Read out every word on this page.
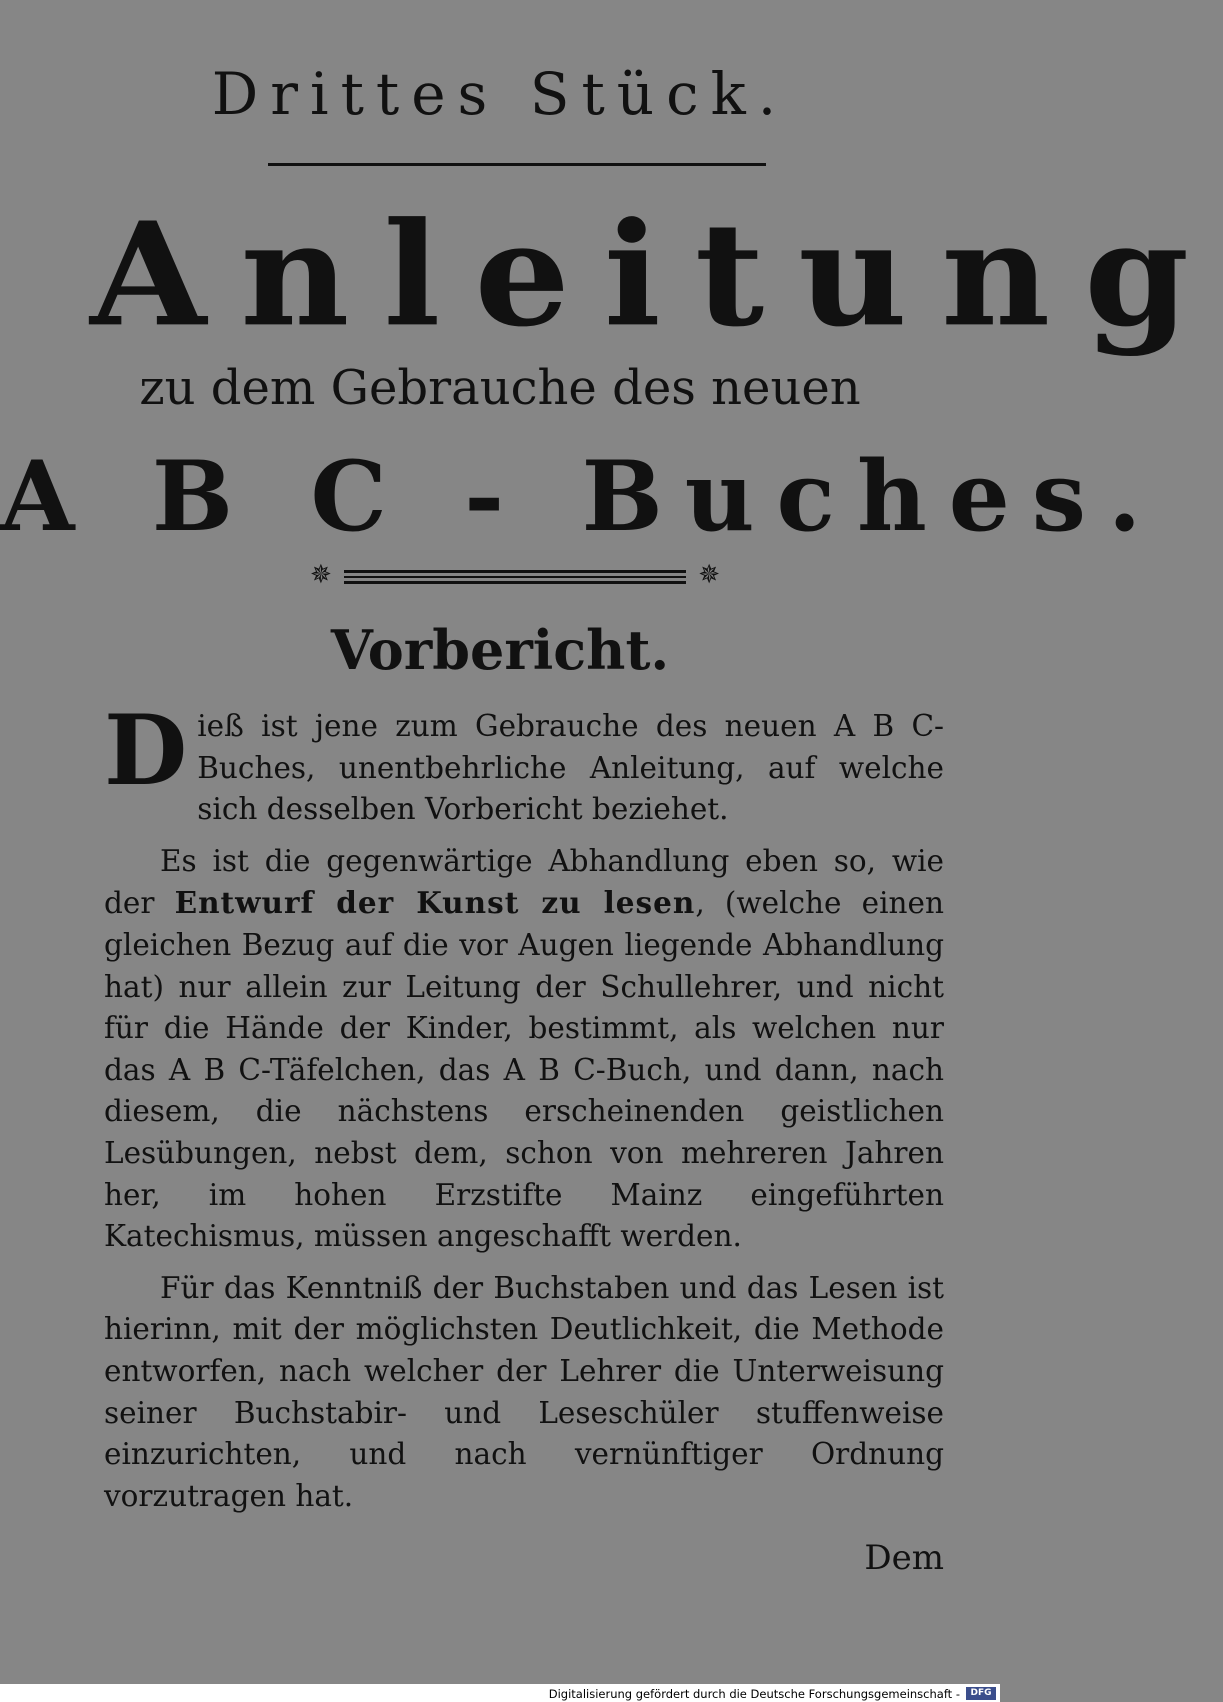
Drittes Stück.
Anleitung
zu dem Gebrauche des neuen
A B C - Buches.
✵	✵
Vorbericht.

Dieß ist jene zum Gebrauche des neuen A B C-Buches, unentbehrliche Anleitung, auf welche sich desselben Vorbericht beziehet.

Es ist die gegenwärtige Abhandlung eben so, wie der Entwurf der Kunst zu lesen, (welche einen gleichen Bezug auf die vor Augen liegende Abhandlung hat) nur allein zur Leitung der Schullehrer, und nicht für die Hände der Kinder, bestimmt, als welchen nur das A B C-Täfelchen, das A B C-Buch, und dann, nach diesem, die nächstens erscheinenden geistlichen Lesübungen, nebst dem, schon von mehreren Jahren her, im hohen Erzstifte Mainz eingeführten Katechismus, müssen angeschafft werden.

Für das Kenntniß der Buchstaben und das Lesen ist hierinn, mit der möglichsten Deutlichkeit, die Methode entworfen, nach welcher der Lehrer die Unterweisung seiner Buchstabir- und Leseschüler stuffenweise einzurichten, und nach vernünftiger Ordnung vorzutragen hat.

Dem
Digitalisierung gefördert durch die Deutsche Forschungsgemeinschaft -	DFG
